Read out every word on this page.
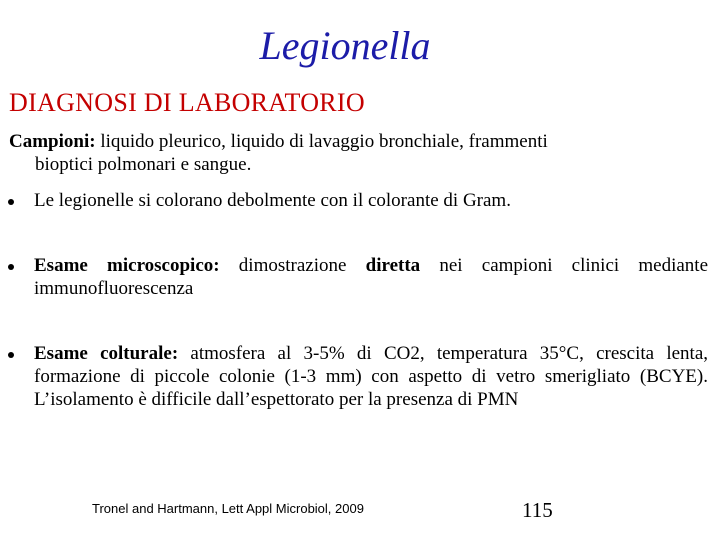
Legionella
DIAGNOSI DI LABORATORIO
Campioni: liquido pleurico, liquido di lavaggio bronchiale, frammenti
bioptici polmonari e sangue.
Le legionelle si colorano debolmente con il colorante di Gram.
Esame microscopico: dimostrazione diretta nei campioni clinici mediante immunofluorescenza
Esame colturale: atmosfera al 3-5% di CO2, temperatura 35°C, crescita lenta, formazione di piccole colonie (1-3 mm) con aspetto di vetro smerigliato (BCYE). L’isolamento è difficile dall’espettorato per la presenza di PMN
Tronel and Hartmann, Lett Appl Microbiol, 2009	115
